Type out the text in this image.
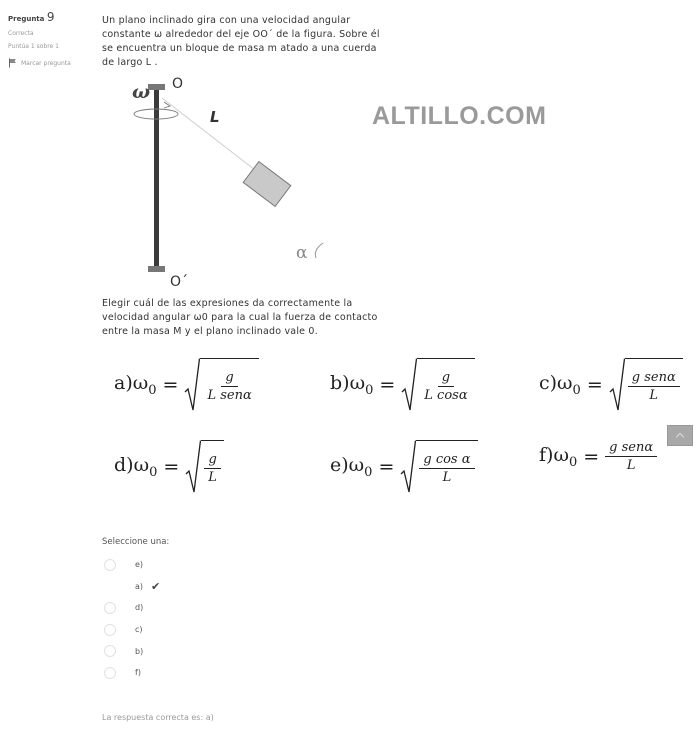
Pregunta 9
Correcta
Puntúa 1 sobre 1
Marcar pregunta
ALTILLO.COM
Un plano inclinado gira con una velocidad angular constante ω alrededor del eje OO´ de la figura. Sobre él se encuentra un bloque de masa m atado a una cuerda de largo L .
ω O
L
α
O´
Elegir cuál de las expresiones da correctamente la velocidad angular ω0 para la cual la fuerza de contacto entre la masa M y el plano inclinado vale 0.
$a)\omega_0 = \frac{g}{\text{L senα}}$	$b)\omega_0 = \frac{g}{\text{L cosα}}$	$c)\omega_0 = \frac{\text{g senα}}{L}$
$d)\omega_0 = \frac{g}{L}$	$e)\omega_0 = \frac{\text{g cos α}}{L}$	$f)\omega_0 = \frac{\text{g senα}}{L}$
Seleccione una:
e)
a) ✔
d)
c)
b)
f)
La respuesta correcta es: a)
